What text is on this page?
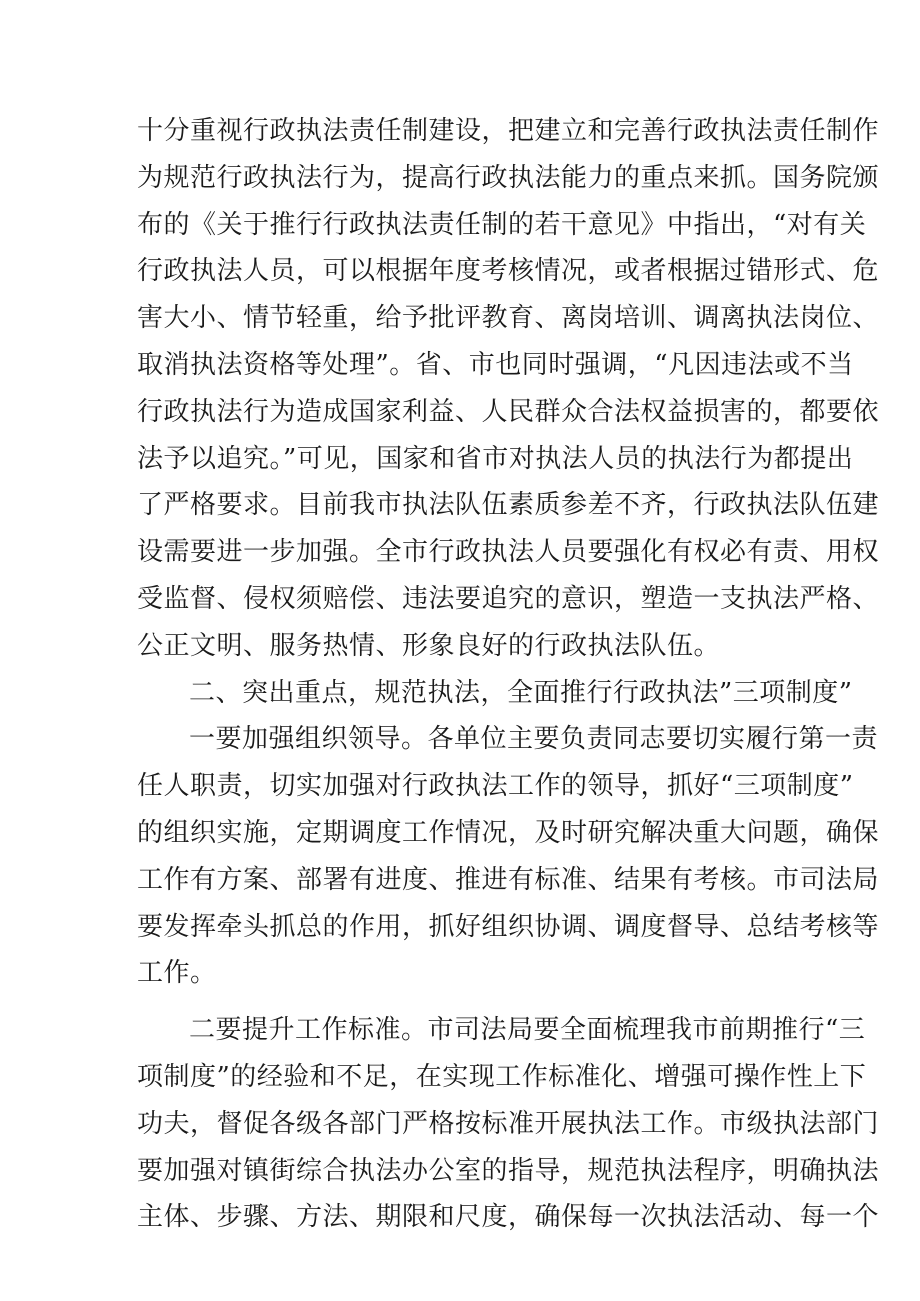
十分重视行政执法责任制建设，把建立和完善行政执法责任制作
为规范行政执法行为，提高行政执法能力的重点来抓。国务院颁
布的《关于推行行政执法责任制的若干意见》中指出，“对有关
行政执法人员，可以根据年度考核情况，或者根据过错形式、危
害大小、情节轻重，给予批评教育、离岗培训、调离执法岗位、
取消执法资格等处理”。省、市也同时强调，“凡因违法或不当
行政执法行为造成国家利益、人民群众合法权益损害的，都要依
法予以追究。”可见，国家和省市对执法人员的执法行为都提出
了严格要求。目前我市执法队伍素质参差不齐，行政执法队伍建
设需要进一步加强。全市行政执法人员要强化有权必有责、用权
受监督、侵权须赔偿、违法要追究的意识，塑造一支执法严格、
公正文明、服务热情、形象良好的行政执法队伍。
二、突出重点，规范执法，全面推行行政执法”三项制度”
一要加强组织领导。各单位主要负责同志要切实履行第一责
任人职责，切实加强对行政执法工作的领导，抓好“三项制度”
的组织实施，定期调度工作情况，及时研究解决重大问题，确保
工作有方案、部署有进度、推进有标准、结果有考核。市司法局
要发挥牵头抓总的作用，抓好组织协调、调度督导、总结考核等
工作。
二要提升工作标准。市司法局要全面梳理我市前期推行“三
项制度”的经验和不足，在实现工作标准化、增强可操作性上下
功夫，督促各级各部门严格按标准开展执法工作。市级执法部门
要加强对镇街综合执法办公室的指导，规范执法程序，明确执法
主体、步骤、方法、期限和尺度，确保每一次执法活动、每一个
